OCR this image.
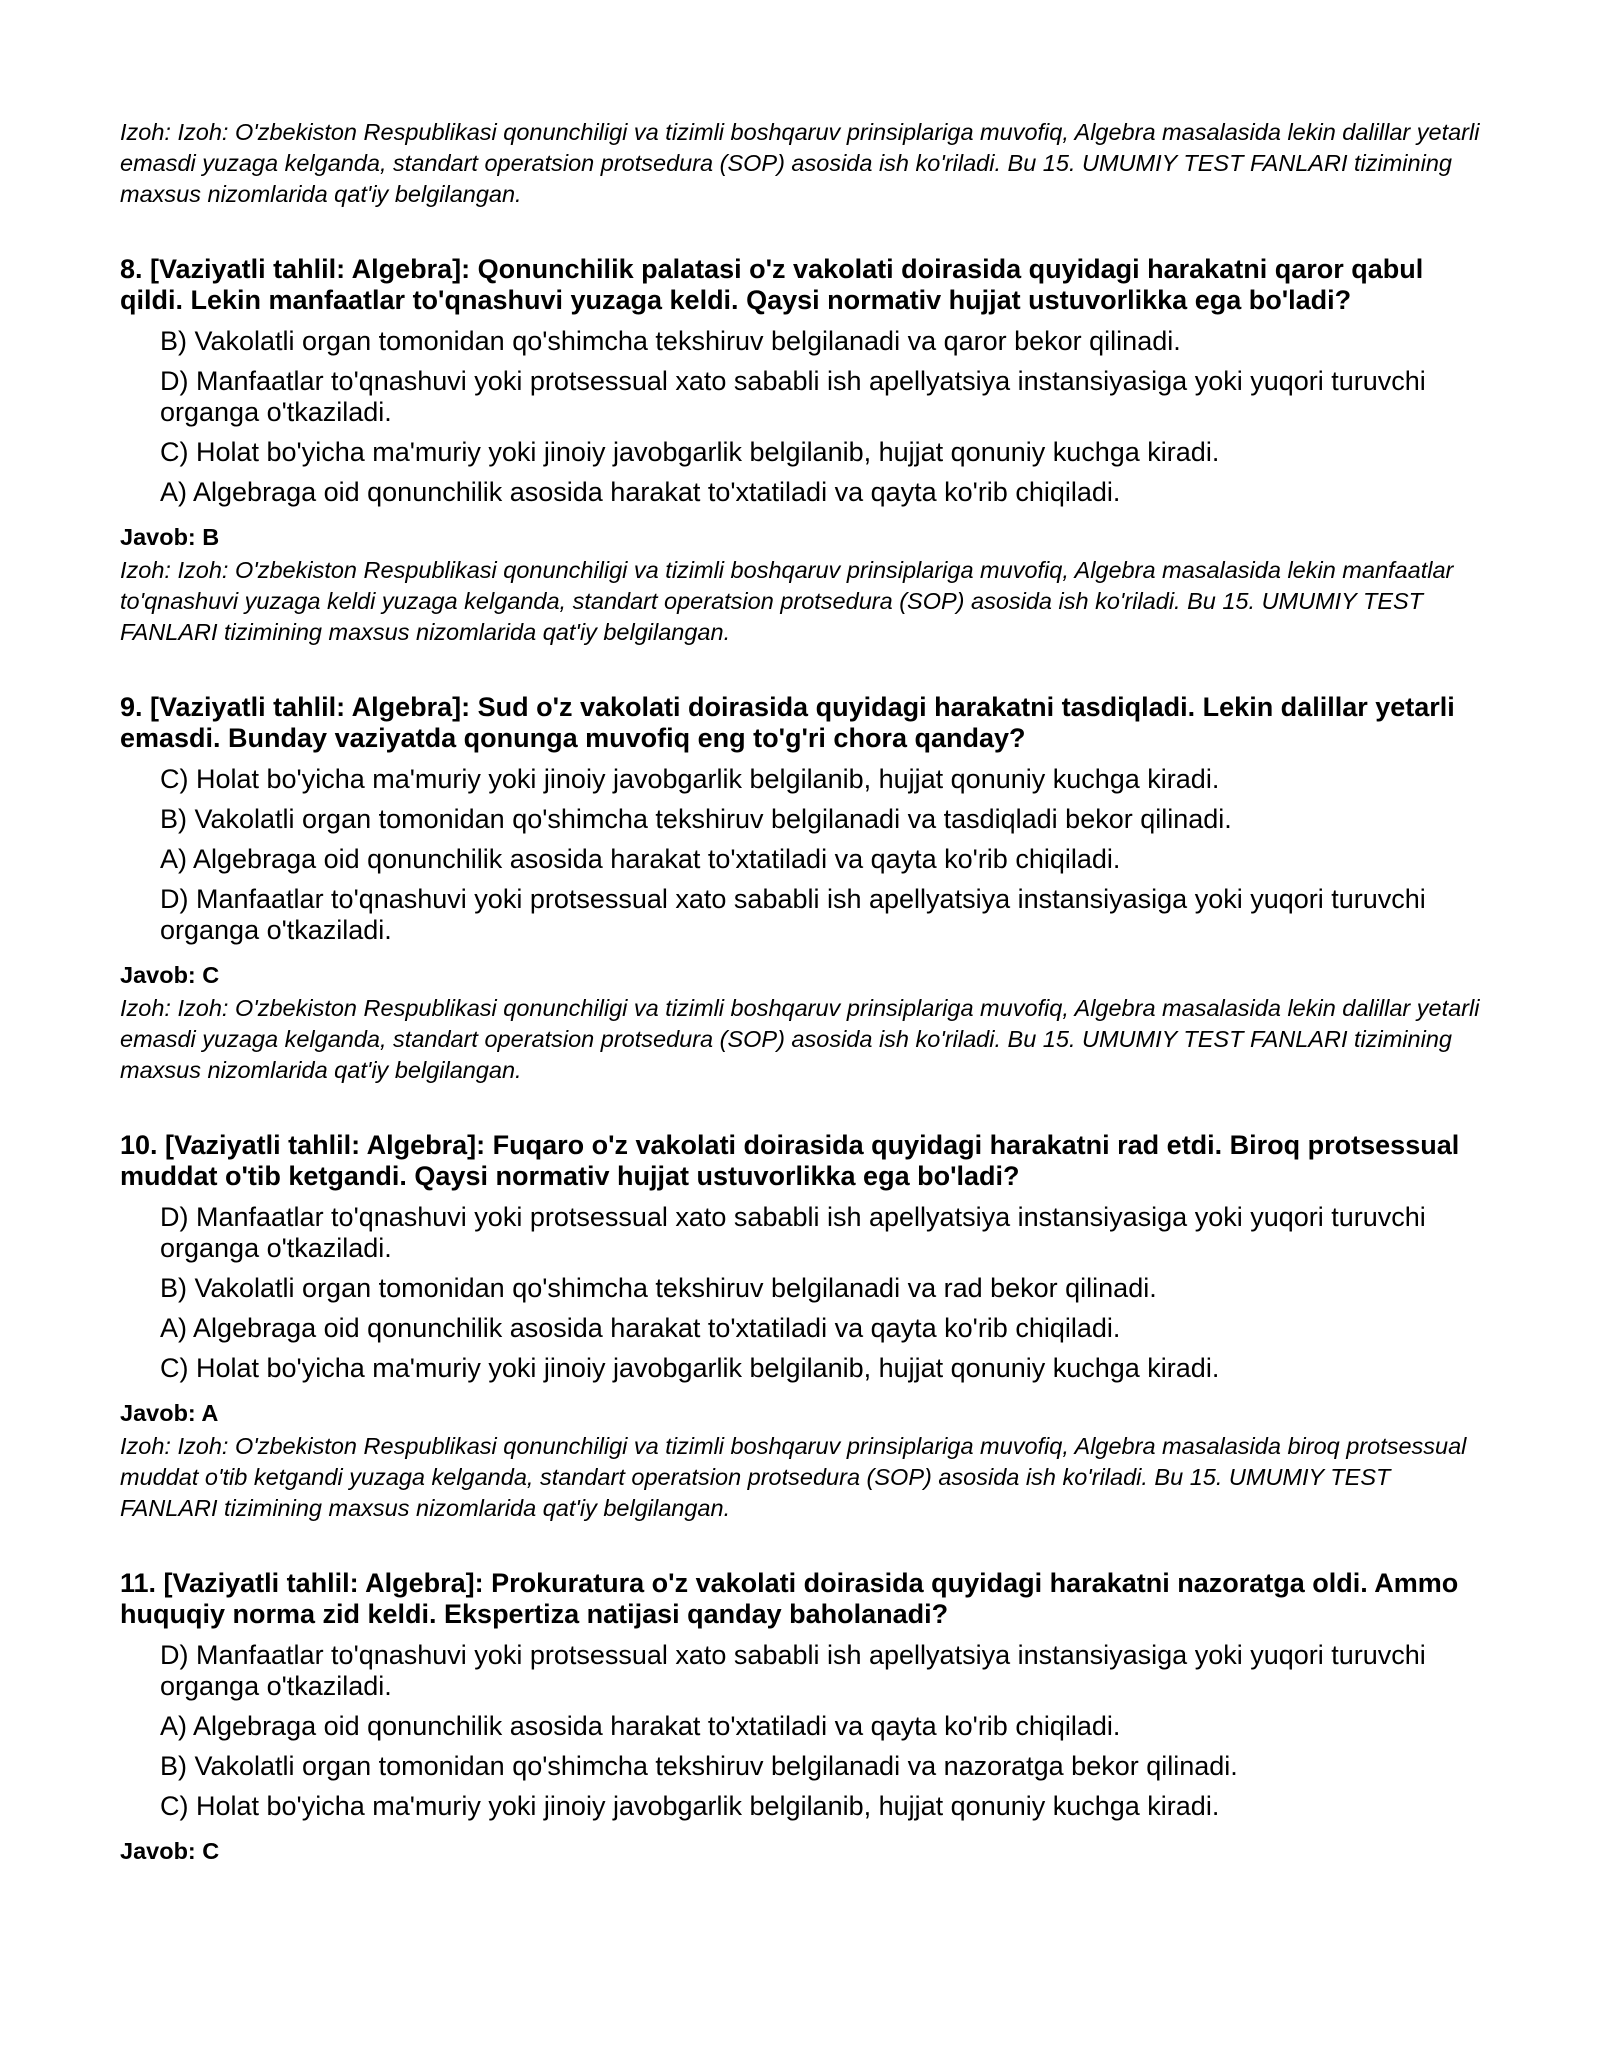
Izoh: Izoh: O'zbekiston Respublikasi qonunchiligi va tizimli boshqaruv prinsiplariga muvofiq, Algebra masalasida lekin dalillar yetarli emasdi yuzaga kelganda, standart operatsion protsedura (SOP) asosida ish ko'riladi. Bu 15. UMUMIY TEST FANLARI tizimining maxsus nizomlarida qat'iy belgilangan.

8. [Vaziyatli tahlil: Algebra]: Qonunchilik palatasi o'z vakolati doirasida quyidagi harakatni qaror qabul qildi. Lekin manfaatlar to'qnashuvi yuzaga keldi. Qaysi normativ hujjat ustuvorlikka ega bo'ladi?

B) Vakolatli organ tomonidan qo'shimcha tekshiruv belgilanadi va qaror bekor qilinadi.
D) Manfaatlar to'qnashuvi yoki protsessual xato sababli ish apellyatsiya instansiyasiga yoki yuqori turuvchi organga o'tkaziladi.
C) Holat bo'yicha ma'muriy yoki jinoiy javobgarlik belgilanib, hujjat qonuniy kuchga kiradi.
A) Algebraga oid qonunchilik asosida harakat to'xtatiladi va qayta ko'rib chiqiladi.

Javob: B

Izoh: Izoh: O'zbekiston Respublikasi qonunchiligi va tizimli boshqaruv prinsiplariga muvofiq, Algebra masalasida lekin manfaatlar to'qnashuvi yuzaga keldi yuzaga kelganda, standart operatsion protsedura (SOP) asosida ish ko'riladi. Bu 15. UMUMIY TEST FANLARI tizimining maxsus nizomlarida qat'iy belgilangan.

9. [Vaziyatli tahlil: Algebra]: Sud o'z vakolati doirasida quyidagi harakatni tasdiqladi. Lekin dalillar yetarli emasdi. Bunday vaziyatda qonunga muvofiq eng to'g'ri chora qanday?

C) Holat bo'yicha ma'muriy yoki jinoiy javobgarlik belgilanib, hujjat qonuniy kuchga kiradi.
B) Vakolatli organ tomonidan qo'shimcha tekshiruv belgilanadi va tasdiqladi bekor qilinadi.
A) Algebraga oid qonunchilik asosida harakat to'xtatiladi va qayta ko'rib chiqiladi.
D) Manfaatlar to'qnashuvi yoki protsessual xato sababli ish apellyatsiya instansiyasiga yoki yuqori turuvchi organga o'tkaziladi.

Javob: C

Izoh: Izoh: O'zbekiston Respublikasi qonunchiligi va tizimli boshqaruv prinsiplariga muvofiq, Algebra masalasida lekin dalillar yetarli emasdi yuzaga kelganda, standart operatsion protsedura (SOP) asosida ish ko'riladi. Bu 15. UMUMIY TEST FANLARI tizimining maxsus nizomlarida qat'iy belgilangan.

10. [Vaziyatli tahlil: Algebra]: Fuqaro o'z vakolati doirasida quyidagi harakatni rad etdi. Biroq protsessual muddat o'tib ketgandi. Qaysi normativ hujjat ustuvorlikka ega bo'ladi?

D) Manfaatlar to'qnashuvi yoki protsessual xato sababli ish apellyatsiya instansiyasiga yoki yuqori turuvchi organga o'tkaziladi.
B) Vakolatli organ tomonidan qo'shimcha tekshiruv belgilanadi va rad bekor qilinadi.
A) Algebraga oid qonunchilik asosida harakat to'xtatiladi va qayta ko'rib chiqiladi.
C) Holat bo'yicha ma'muriy yoki jinoiy javobgarlik belgilanib, hujjat qonuniy kuchga kiradi.

Javob: A

Izoh: Izoh: O'zbekiston Respublikasi qonunchiligi va tizimli boshqaruv prinsiplariga muvofiq, Algebra masalasida biroq protsessual muddat o'tib ketgandi yuzaga kelganda, standart operatsion protsedura (SOP) asosida ish ko'riladi. Bu 15. UMUMIY TEST FANLARI tizimining maxsus nizomlarida qat'iy belgilangan.

11. [Vaziyatli tahlil: Algebra]: Prokuratura o'z vakolati doirasida quyidagi harakatni nazoratga oldi. Ammo huquqiy norma zid keldi. Ekspertiza natijasi qanday baholanadi?

D) Manfaatlar to'qnashuvi yoki protsessual xato sababli ish apellyatsiya instansiyasiga yoki yuqori turuvchi organga o'tkaziladi.
A) Algebraga oid qonunchilik asosida harakat to'xtatiladi va qayta ko'rib chiqiladi.
B) Vakolatli organ tomonidan qo'shimcha tekshiruv belgilanadi va nazoratga bekor qilinadi.
C) Holat bo'yicha ma'muriy yoki jinoiy javobgarlik belgilanib, hujjat qonuniy kuchga kiradi.

Javob: C
